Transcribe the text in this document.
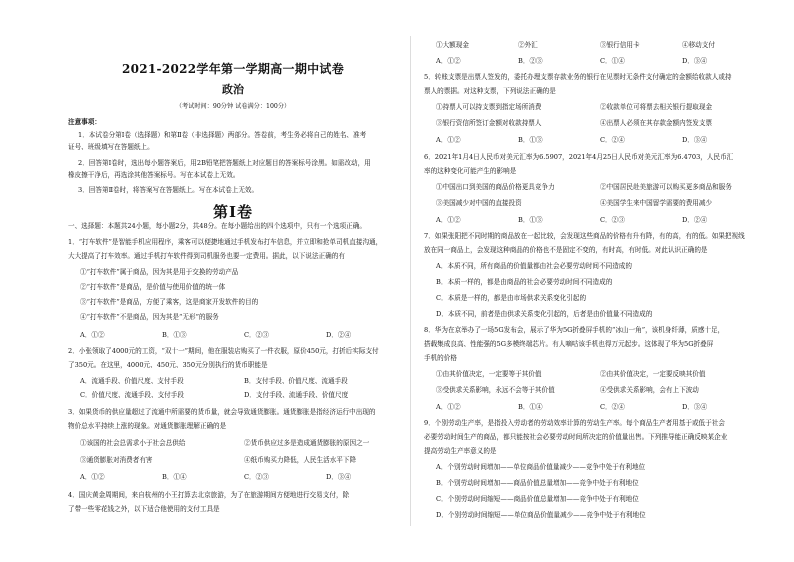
2021-2022学年第一学期高一期中试卷
政治
（考试时间：90分钟 试卷满分：100分）
注意事项：
1．本试卷分第Ⅰ卷（选择题）和第Ⅱ卷（非选择题）两部分。答卷前，考生务必将自己的姓名、准考
证号、班级填写在答题纸上。
2．回答第Ⅰ卷时，选出每小题答案后，用2B铅笔把答题纸上对应题目的答案标号涂黑。如需改动，用
橡皮擦干净后，再选涂其他答案标号。写在本试卷上无效。
3．回答第Ⅱ卷时，将答案写在答题纸上。写在本试卷上无效。
第Ⅰ卷
一、选择题：本题共24小题，每小题2分，共48分。在每小题给出的四个选项中，只有一个选项正确。
1．“打车软件”是智能手机应用程序，乘客可以便捷地通过手机发布打车信息，并立即和抢单司机直接沟通，
大大提高了打车效率。通过手机打车软件得到司机服务也要一定费用。据此，以下说法正确的有
①“打车软件”属于商品，因为其是用于交换的劳动产品
②“打车软件”是商品，是价值与使用价值的统一体
③“打车软件”是商品，方便了乘客，这是商家开发软件的目的
④“打车软件”不是商品，因为其是“无形”的服务
A．①②	B．①③	C．②③	D．②④
2．小张领取了4000元的工资，“双十一”期间，他在服装店购买了一件衣服，原价450元，打折后实际支付
了350元。在这里，4000元、450元、350元分别执行的货币职能是
A．流通手段、价值尺度、支付手段	B．支付手段、价值尺度、流通手段
C．价值尺度、流通手段、支付手段	D．支付手段、流通手段、价值尺度
3．如果货币的供应量超过了流通中所需要的货币量，就会导致通货膨胀。通货膨胀是指经济运行中出现的
物价总水平持续上涨的现象。对通货膨胀理解正确的是
①该国的社会总需求小于社会总供给	②货币供应过多是造成通货膨胀的原因之一
③通货膨胀对消费者有害	④纸币购买力降低，人民生活水平下降
A．①②	B．①④	C．②③	D．③④
4．国庆黄金周期间，来自杭州的小王打算去北京旅游，为了在旅游期间方便地进行交易支付，除
了带一些零花钱之外，以下适合他使用的支付工具是
①大额现金	②外汇	③银行信用卡	④移动支付
A．①②	B．②③	C．①④	D．③④
5．转账支票是出票人签发的，委托办理支票存款业务的银行在见票时无条件支付确定的金额给收款人或持
票人的票据。对这种支票，下列说法正确的是
①持票人可以持支票到指定场所消费	②收款单位可将票去相关银行提取现金
③银行资信所签订金额对收款持票人	④出票人必须在其存款金额内签发支票
A．①②	B．①③	C．②④	D．③④
6．2021年1月4日人民币对美元汇率为6.5907，2021年4月25日人民币对美元汇率为6.4703，人民币汇
率的这种变化可能产生的影响是
①中国出口到美国的商品价格更具竞争力	②中国居民赴美旅游可以购买更多商品和服务
③美国减少对中国的直接投资	④美国学生来中国留学需要的费用减少
A．①②	B．①③	C．②③	D．②④
7．如果张阳把不同时期的商品放在一起比较，会发现这些商品的价格有升有降，有的高，有的低。如果把视线
放在同一商品上，会发现这种商品的价格也不是固定不变的，有时高，有时低。对此认识正确的是
A．本质不同，所有商品的价值量都由社会必要劳动时间不同造成的
B．本质一样的，都是由商品的社会必要劳动时间不同造成的
C．本质是一样的，都是由市场供求关系变化引起的
D．本质不同，前者是由供求关系变化引起的，后者是由价值量不同造成的
8．华为在京举办了一场5G发布会，展示了华为5G折叠屏手机的“冰山一角”，该机身纤薄，质感十足，
搭载集成良高、性能强的5G多模终端芯片。有人嘀咕该手机也得万元起步。这体现了华为5G折叠屏
手机的价格
①由其价值决定，一定要等于其价值	②由其价值决定，一定要反映其价值
③受供求关系影响，永远不会等于其价值	④受供求关系影响，会有上下波动
A．①②	B．①④	C．②④	D．③④
9．个别劳动生产率，是指投入劳动者的劳动效率计算的劳动生产率。每个商品生产者用基于或低于社会
必要劳动时间生产的商品，都只能按社会必要劳动时间所决定的价值量出售。下列推导能正确反映某企业
提高劳动生产率意义的是
A．个别劳动时间增加——单位商品价值量减少——竞争中处于有利地位
B．个别劳动时间增加——商品价值总量增加——竞争中处于有利地位
C．个别劳动时间缩短——商品价值总量增加——竞争中处于有利地位
D．个别劳动时间缩短——单位商品价值量减少——竞争中处于有利地位
